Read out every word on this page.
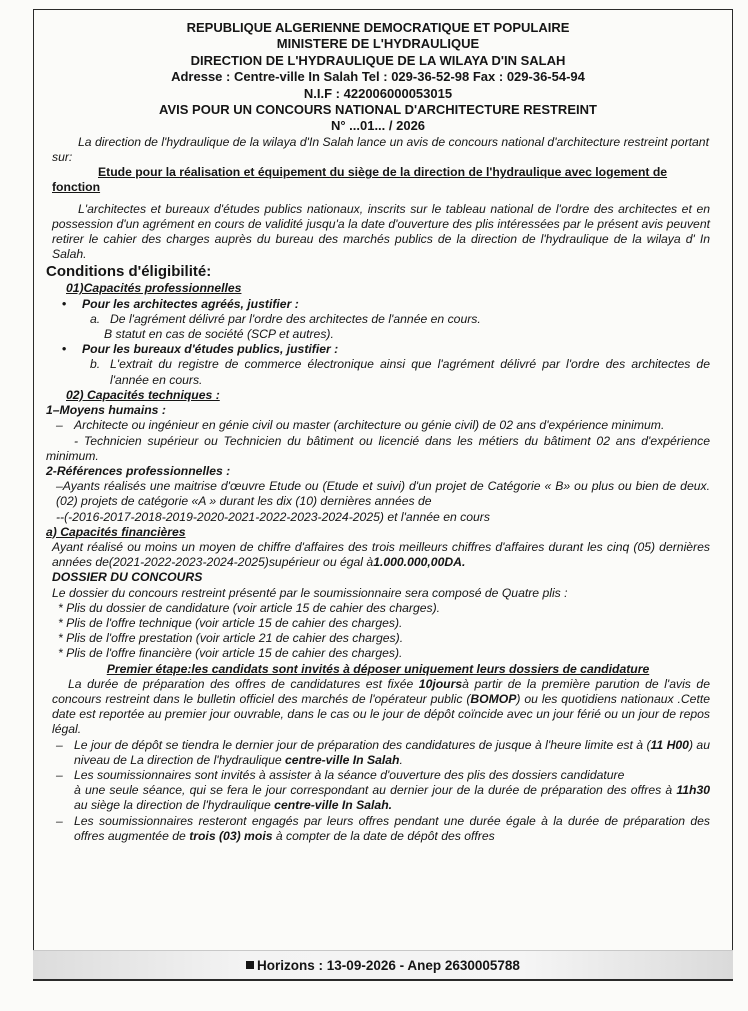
REPUBLIQUE ALGERIENNE DEMOCRATIQUE ET POPULAIRE
MINISTERE DE L'HYDRAULIQUE
DIRECTION DE L'HYDRAULIQUE DE LA WILAYA D'IN SALAH
Adresse : Centre-ville In Salah Tel : 029-36-52-98 Fax : 029-36-54-94
N.I.F : 422006000053015
AVIS POUR UN CONCOURS NATIONAL D'ARCHITECTURE RESTREINT
N° ...01... / 2026

La direction de l'hydraulique de la wilaya d'In Salah lance un avis de concours national d'architecture restreint portant sur:

Etude pour la réalisation et équipement du siège de la direction de l'hydraulique avec logement de fonction

L'architectes et bureaux d'études publics nationaux, inscrits sur le tableau national de l'ordre des architectes et en possession d'un agrément en cours de validité jusqu'a la date d'ouverture des plis intéressées par le présent avis peuvent retirer le cahier des charges auprès du bureau des marchés publics de la direction de l'hydraulique de la wilaya d' In Salah.

Conditions d'éligibilité:

01)Capacités professionnelles

• Pour les architectes agréés, justifier :

a. De l'agrément délivré par l'ordre des architectes de l'année en cours.

B statut en cas de société (SCP et autres).

• Pour les bureaux d'études publics, justifier :

b. L'extrait du registre de commerce électronique ainsi que l'agrément délivré par l'ordre des architectes de l'année en cours.

02) Capacités techniques :

1–Moyens humains :

– Architecte ou ingénieur en génie civil ou master (architecture ou génie civil) de 02 ans d'expérience minimum.

- Technicien supérieur ou Technicien du bâtiment ou licencié dans les métiers du bâtiment 02 ans d'expérience minimum.

2-Références professionnelles :

–Ayants réalisés une maitrise d'œuvre Etude ou (Etude et suivi) d'un projet de Catégorie « B» ou plus ou bien de deux. (02) projets de catégorie «A » durant les dix (10) dernières années de

--(-2016-2017-2018-2019-2020-2021-2022-2023-2024-2025) et l'année en cours

a) Capacités financières

Ayant réalisé ou moins un moyen de chiffre d'affaires des trois meilleurs chiffres d'affaires durant les cinq (05) dernières années de(2021-2022-2023-2024-2025)supérieur ou égal à1.000.000,00DA.

DOSSIER DU CONCOURS

Le dossier du concours restreint présenté par le soumissionnaire sera composé de Quatre plis :

* Plis du dossier de candidature (voir article 15 de cahier des charges).

* Plis de l'offre technique (voir article 15 de cahier des charges).

* Plis de l'offre prestation (voir article 21 de cahier des charges).

* Plis de l'offre financière (voir article 15 de cahier des charges).

Premier étape:les candidats sont invités à déposer uniquement leurs dossiers de candidature

La durée de préparation des offres de candidatures est fixée 10joursà partir de la première parution de l'avis de concours restreint dans le bulletin officiel des marchés de l'opérateur public (BOMOP) ou les quotidiens nationaux .Cette date est reportée au premier jour ouvrable, dans le cas ou le jour de dépôt coïncide avec un jour férié ou un jour de repos légal.

– Le jour de dépôt se tiendra le dernier jour de préparation des candidatures de jusque à l'heure limite est à (11 H00) au niveau de La direction de l'hydraulique centre-ville In Salah.

– Les soumissionnaires sont invités à assister à la séance d'ouverture des plis des dossiers candidature

à une seule séance, qui se fera le jour correspondant au dernier jour de la durée de préparation des offres à 11h30 au siège la direction de l'hydraulique centre-ville In Salah.

– Les soumissionnaires resteront engagés par leurs offres pendant une durée égale à la durée de préparation des offres augmentée de trois (03) mois à compter de la date de dépôt des offres

Horizons : 13-09-2026 - Anep 2630005788
